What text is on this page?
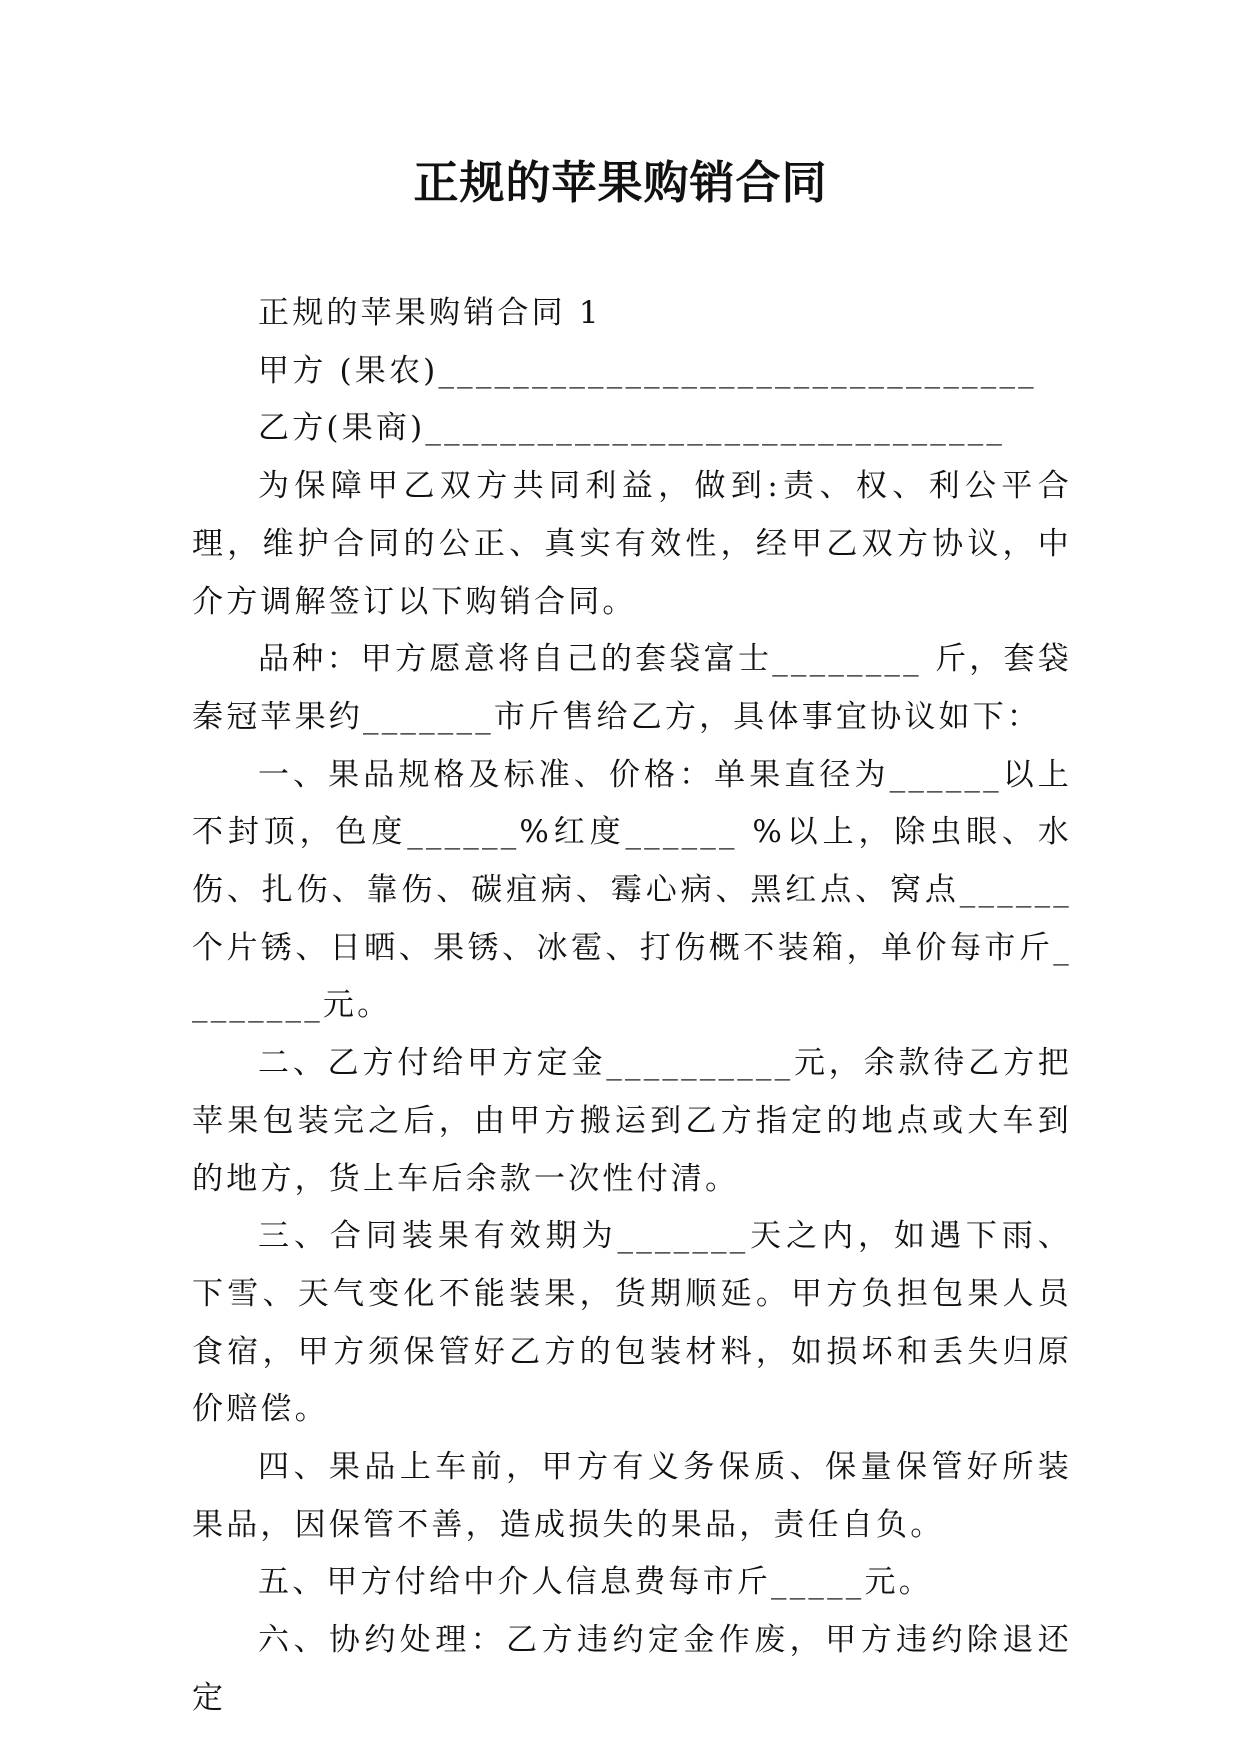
正规的苹果购销合同

正规的苹果购销合同 1

甲方 (果农)________________________________

乙方(果商)_______________________________

为保障甲乙双方共同利益，做到:责、权、利公平合理，维护合同的公正、真实有效性，经甲乙双方协议，中介方调解签订以下购销合同。

品种：甲方愿意将自己的套袋富士________ 斤，套袋秦冠苹果约_______市斤售给乙方，具体事宜协议如下：

一、果品规格及标准、价格：单果直径为______以上不封顶，色度______%红度______ %以上，除虫眼、水伤、扎伤、靠伤、碳疽病、霉心病、黑红点、窝点______个片锈、日晒、果锈、冰雹、打伤概不装箱，单价每市斤________元。

二、乙方付给甲方定金__________元，余款待乙方把苹果包装完之后，由甲方搬运到乙方指定的地点或大车到的地方，货上车后余款一次性付清。

三、合同装果有效期为_______天之内，如遇下雨、下雪、天气变化不能装果，货期顺延。甲方负担包果人员食宿，甲方须保管好乙方的包装材料，如损坏和丢失归原价赔偿。

四、果品上车前，甲方有义务保质、保量保管好所装果品，因保管不善，造成损失的果品，责任自负。

五、甲方付给中介人信息费每市斤_____元。

六、协约处理：乙方违约定金作废，甲方违约除退还定
